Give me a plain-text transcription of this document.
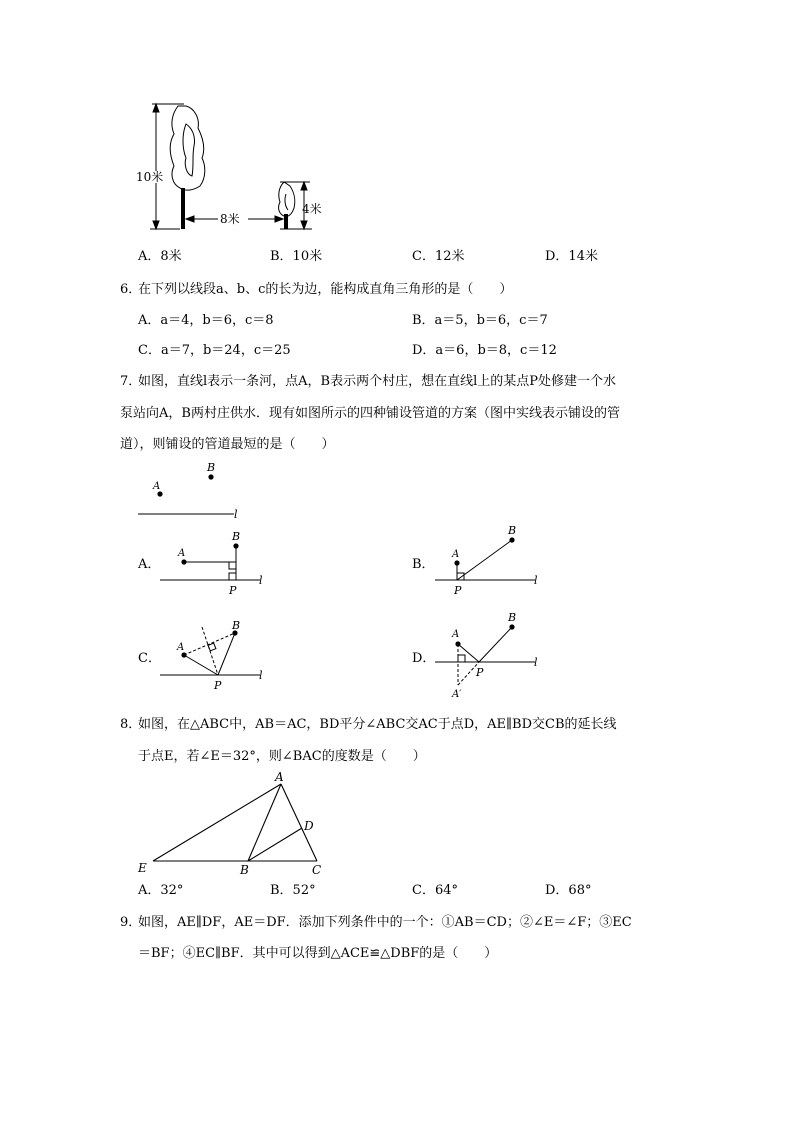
10米
8米
4米
A．8米	B．10米	C．12米	D．14米
6．
在下列以线段a、b、c的长为边，能构成直角三角形的是（　　）
A．a＝4，b＝6，c＝8	B．a＝5，b＝6，c＝7
C．a＝7，b＝24，c＝25	D．a＝6，b＝8，c＝12
7．
如图，直线l表示一条河，点A，B表示两个村庄，想在直线l上的某点P处修建一个水
泵站向A，B两村庄供水．现有如图所示的四种铺设管道的方案（图中实线表示铺设的管
道），则铺设的管道最短的是（　　）
A
B
l
A．
A
B
P
l
B．
A
B
P
l
C．
A
B
P
l
D．
A
B
P
A′
l
8．
如图，在△ABC中，AB＝AC，BD平分∠ABC交AC于点D，AE∥BD交CB的延长线
于点E，若∠E＝32°，则∠BAC的度数是（　　）
A
E	B	C
D
A．32°	B．52°	C．64°	D．68°
9．
如图，AE∥DF，AE＝DF．添加下列条件中的一个：①AB＝CD；②∠E＝∠F；③EC
＝BF；④EC∥BF．其中可以得到△ACE≌△DBF的是（　　）
